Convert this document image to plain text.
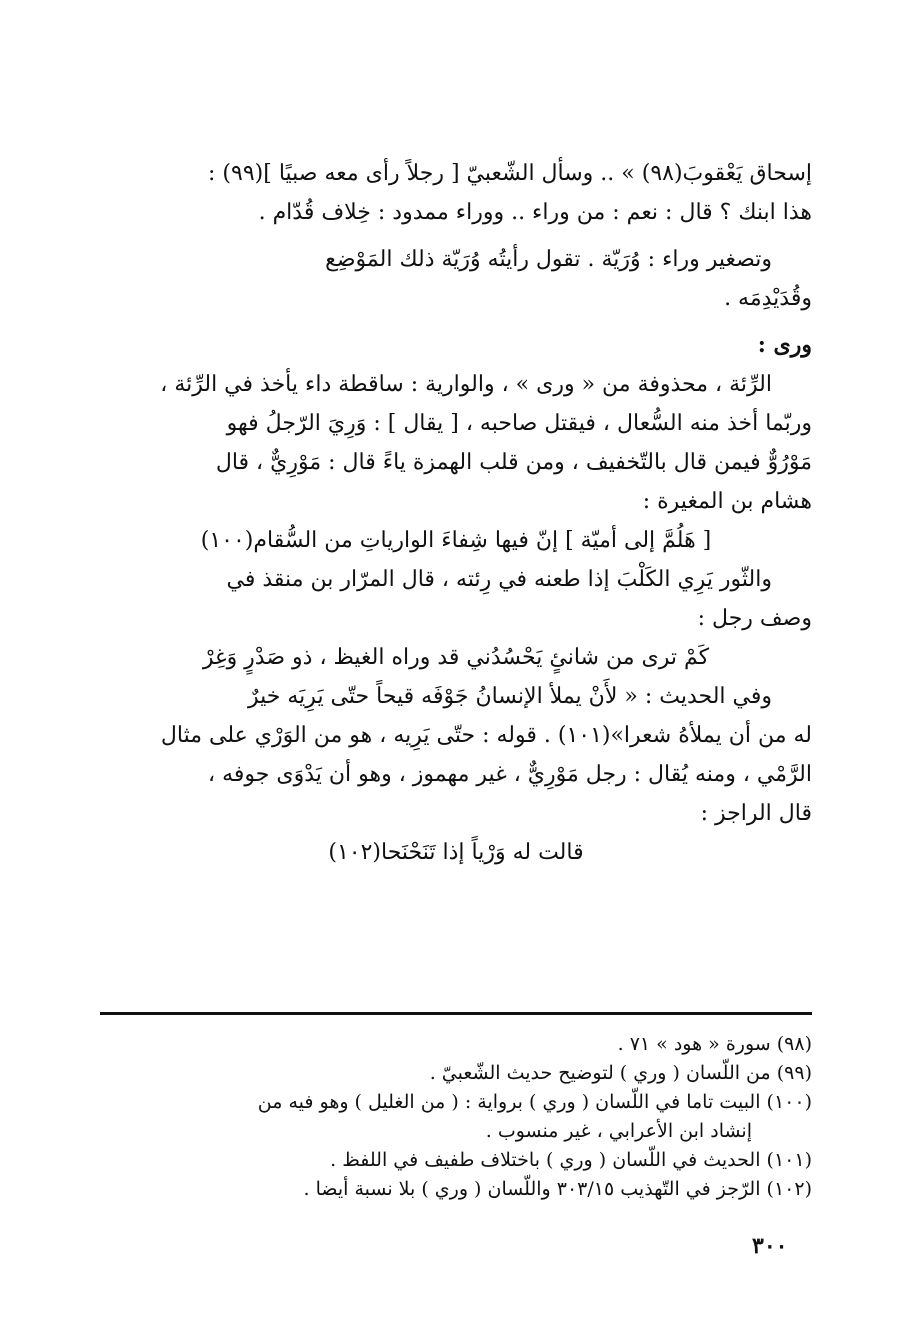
إسحاق يَعْقوبَ(٩٨) » .. وسأل الشّعبيّ [ رجلاً رأى معه صبيًا ](٩٩) :

هذا ابنك ؟ قال : نعم : من وراء .. ووراء ممدود : خِلاف قُدّام .

وتصغير وراء : وُرَيّة . تقول رأيتُه وُرَيّة ذلك المَوْضِع

وقُدَيْدِمَه .

ورى :

الرِّئة ، محذوفة من « ورى » ، والوارية : ساقطة داء يأخذ في الرِّئة ،

وربّما أخذ منه السُّعال ، فيقتل صاحبه ، [ يقال ] : وَرِيَ الرّجلُ فهو

مَوْرُوٌّ فيمن قال بالتّخفيف ، ومن قلب الهمزة ياءً قال : مَوْرِيٌّ ، قال

هشام بن المغيرة :

[ هَلُمَّ إلى أميّة ] إنّ فيها شِفاءَ الوارياتِ من السُّقام(١٠٠)

والثّور يَرِي الكَلْبَ إذا طعنه في رِئته ، قال المرّار بن منقذ في

وصف رجل :

كَمْ ترى من شانئٍ يَحْسُدُني قد وراه الغيظ ، ذو صَدْرٍ وَغِرْ

وفي الحديث : « لأَنْ يملأ الإنسانُ جَوْفَه قيحاً حتّى يَرِيَه خيرٌ

له من أن يملأهُ شعرا»(١٠١) . قوله : حتّى يَرِيه ، هو من الوَرْي على مثال

الرَّمْي ، ومنه يُقال : رجل مَوْرِيٌّ ، غير مهموز ، وهو أن يَدْوَى جوفه ،

قال الراجز :

قالت له وَرْياً إذا تَنَحْنَحا(١٠٢)

(٩٨) سورة « هود » ٧١ .

(٩٩) من اللّسان ( وري ) لتوضيح حديث الشّعبيّ .

(١٠٠) البيت تاما في اللّسان ( وري ) برواية : ( من الغليل ) وهو فيه من

إنشاد ابن الأعرابي ، غير منسوب .

(١٠١) الحديث في اللّسان ( وري ) باختلاف طفيف في اللفظ .

(١٠٢) الرّجز في التّهذيب ٣٠٣/١٥ واللّسان ( وري ) بلا نسبة أيضا .

٣٠٠
